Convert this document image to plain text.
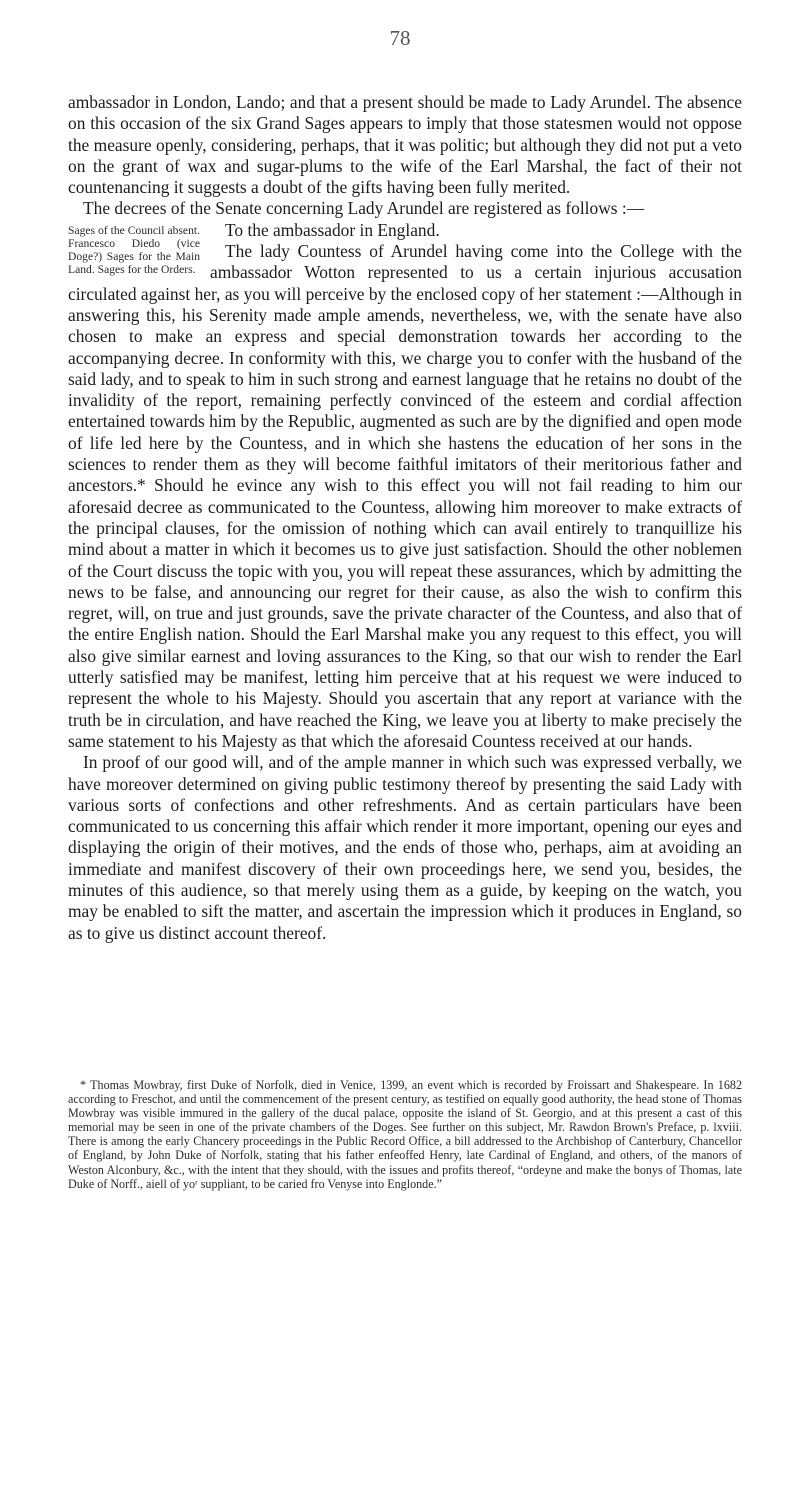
78

ambassador in London, Lando; and that a present should be made to Lady Arundel. The absence on this occasion of the six Grand Sages appears to imply that those statesmen would not oppose the measure openly, considering, perhaps, that it was politic; but although they did not put a veto on the grant of wax and sugar-plums to the wife of the Earl Marshal, the fact of their not countenancing it suggests a doubt of the gifts having been fully merited.

The decrees of the Senate concerning Lady Arundel are registered as follows :—

Sages of the Council absent. Francesco Diedo (vice Doge?) Sages for the Main Land. Sages for the Orders.

To the ambassador in England.

The lady Countess of Arundel having come into the College with the ambassador Wotton represented to us a certain injurious accusation circulated against her, as you will perceive by the enclosed copy of her statement :—Although in answering this, his Serenity made ample amends, nevertheless, we, with the senate have also chosen to make an express and special demonstration towards her according to the accompanying decree. In conformity with this, we charge you to confer with the husband of the said lady, and to speak to him in such strong and earnest language that he retains no doubt of the invalidity of the report, remaining perfectly convinced of the esteem and cordial affection entertained towards him by the Republic, augmented as such are by the dignified and open mode of life led here by the Countess, and in which she hastens the education of her sons in the sciences to render them as they will become faithful imitators of their meritorious father and ancestors.* Should he evince any wish to this effect you will not fail reading to him our aforesaid decree as communicated to the Countess, allowing him moreover to make extracts of the principal clauses, for the omission of nothing which can avail entirely to tranquillize his mind about a matter in which it becomes us to give just satisfaction. Should the other noblemen of the Court discuss the topic with you, you will repeat these assurances, which by admitting the news to be false, and announcing our regret for their cause, as also the wish to confirm this regret, will, on true and just grounds, save the private character of the Countess, and also that of the entire English nation. Should the Earl Marshal make you any request to this effect, you will also give similar earnest and loving assurances to the King, so that our wish to render the Earl utterly satisfied may be manifest, letting him perceive that at his request we were induced to represent the whole to his Majesty. Should you ascertain that any report at variance with the truth be in circulation, and have reached the King, we leave you at liberty to make precisely the same statement to his Majesty as that which the aforesaid Countess received at our hands.

In proof of our good will, and of the ample manner in which such was expressed verbally, we have moreover determined on giving public testimony thereof by presenting the said Lady with various sorts of confections and other refreshments. And as certain particulars have been communicated to us concerning this affair which render it more important, opening our eyes and displaying the origin of their motives, and the ends of those who, perhaps, aim at avoiding an immediate and manifest discovery of their own proceedings here, we send you, besides, the minutes of this audience, so that merely using them as a guide, by keeping on the watch, you may be enabled to sift the matter, and ascertain the impression which it produces in England, so as to give us distinct account thereof.

* Thomas Mowbray, first Duke of Norfolk, died in Venice, 1399, an event which is recorded by Froissart and Shakespeare. In 1682 according to Freschot, and until the commencement of the present century, as testified on equally good authority, the head stone of Thomas Mowbray was visible immured in the gallery of the ducal palace, opposite the island of St. Georgio, and at this present a cast of this memorial may be seen in one of the private chambers of the Doges. See further on this subject, Mr. Rawdon Brown's Preface, p. lxviii. There is among the early Chancery proceedings in the Public Record Office, a bill addressed to the Archbishop of Canterbury, Chancellor of England, by John Duke of Norfolk, stating that his father enfeoffed Henry, late Cardinal of England, and others, of the manors of Weston Alconbury, &c., with the intent that they should, with the issues and profits thereof, “ordeyne and make the bonys of Thomas, late Duke of Norff., aiell of yoʳ suppliant, to be caried fro Venyse into Englonde.”
